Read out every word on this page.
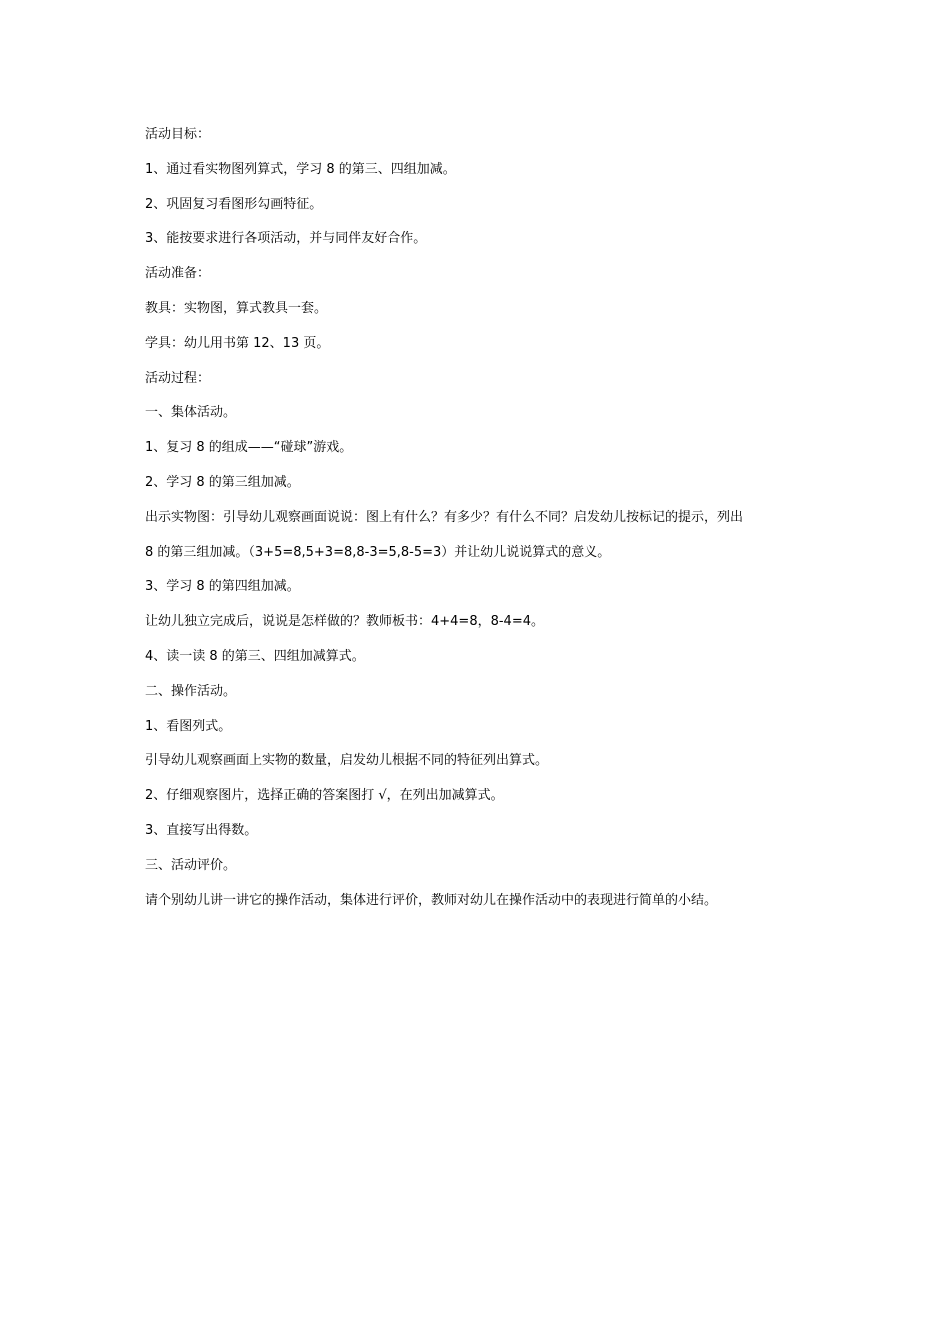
活动目标：

1、通过看实物图列算式，学习 8 的第三、四组加减。

2、巩固复习看图形勾画特征。

3、能按要求进行各项活动，并与同伴友好合作。

活动准备：

教具：实物图，算式教具一套。

学具：幼儿用书第 12、13 页。

活动过程：

一、集体活动。

1、复习 8 的组成——“碰球”游戏。

2、学习 8 的第三组加减。

出示实物图：引导幼儿观察画面说说：图上有什么？有多少？有什么不同？启发幼儿按标记的提示，列出

8 的第三组加减。（3+5=8,5+3=8,8-3=5,8-5=3）并让幼儿说说算式的意义。

3、学习 8 的第四组加减。

让幼儿独立完成后，说说是怎样做的？教师板书：4+4=8，8-4=4。

4、读一读 8 的第三、四组加减算式。

二、操作活动。

1、看图列式。

引导幼儿观察画面上实物的数量，启发幼儿根据不同的特征列出算式。

2、仔细观察图片，选择正确的答案图打 √，在列出加减算式。

3、直接写出得数。

三、活动评价。

请个别幼儿讲一讲它的操作活动，集体进行评价，教师对幼儿在操作活动中的表现进行简单的小结。
